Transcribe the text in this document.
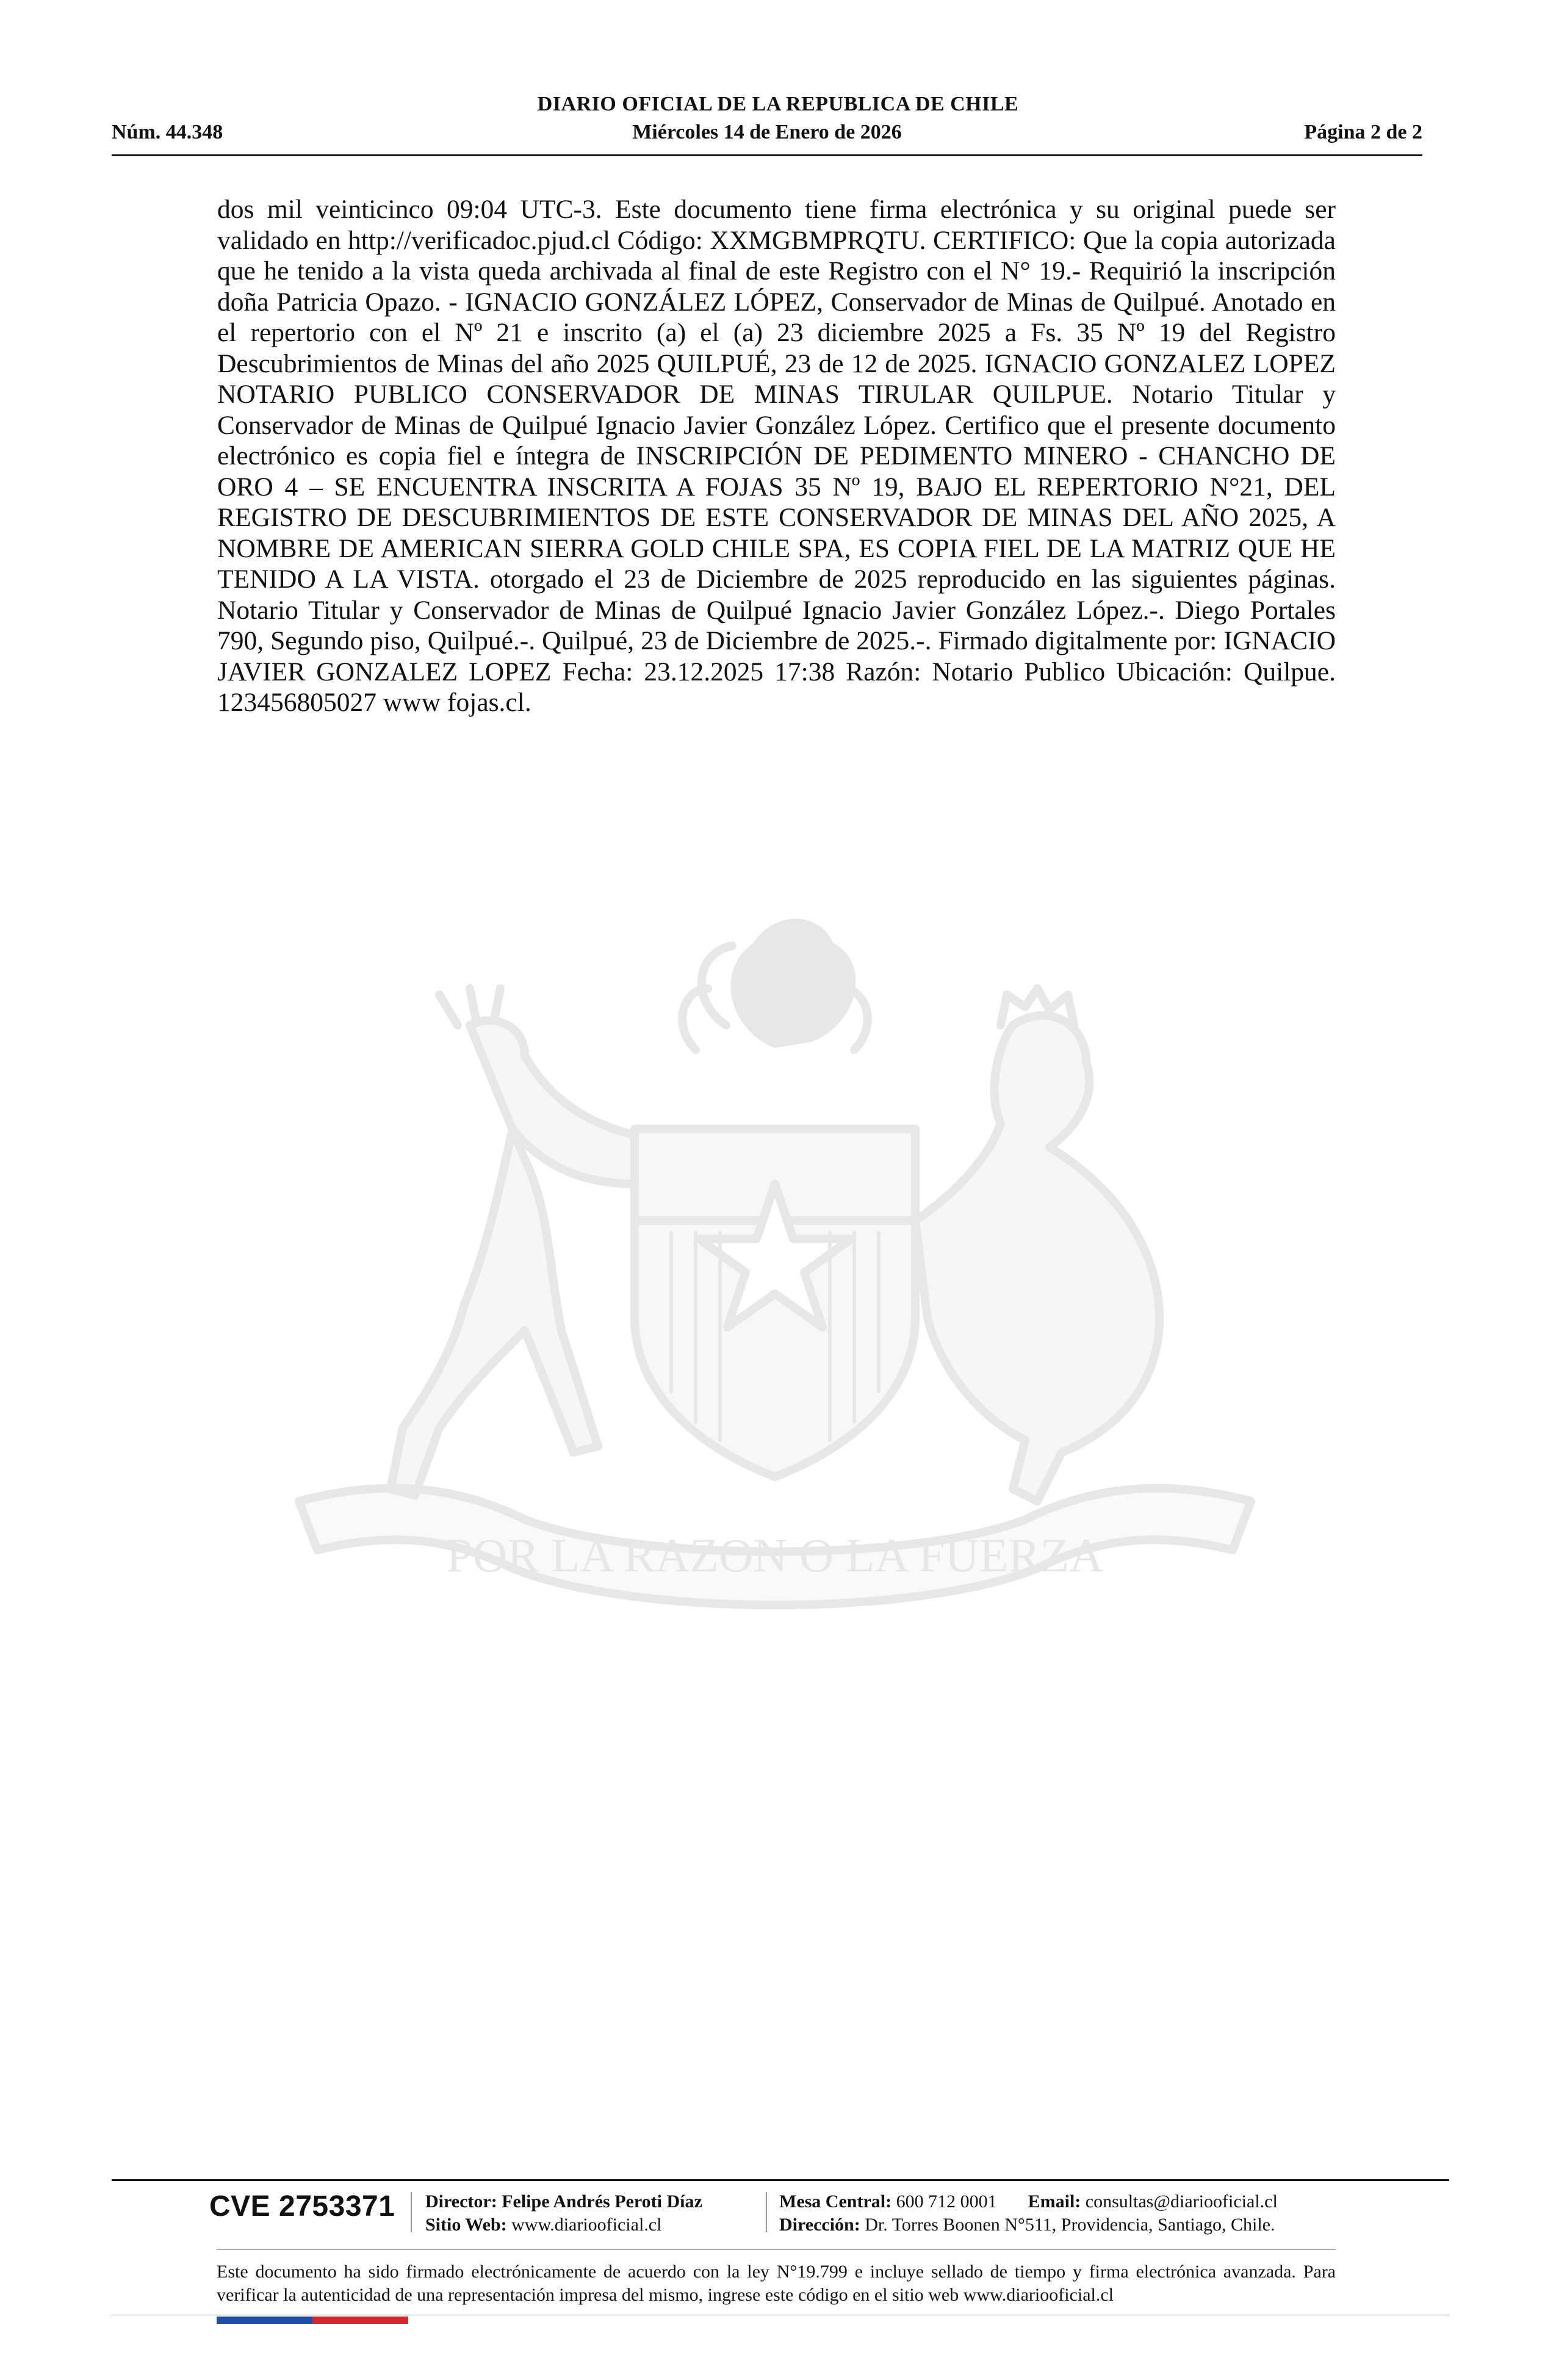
DIARIO OFICIAL DE LA REPUBLICA DE CHILE
Núm. 44.348	Miércoles 14 de Enero de 2026	Página 2 de 2
dos mil veinticinco 09:04 UTC-3. Este documento tiene firma electrónica y su original puede ser validado en http://verificadoc.pjud.cl Código: XXMGBMPRQTU. CERTIFICO: Que la copia autorizada que he tenido a la vista queda archivada al final de este Registro con el N° 19.- Requirió la inscripción doña Patricia Opazo. - IGNACIO GONZÁLEZ LÓPEZ, Conservador de Minas de Quilpué. Anotado en el repertorio con el Nº 21 e inscrito (a) el (a) 23 diciembre 2025 a Fs. 35 Nº 19 del Registro Descubrimientos de Minas del año 2025 QUILPUÉ, 23 de 12 de 2025. IGNACIO GONZALEZ LOPEZ NOTARIO PUBLICO CONSERVADOR DE MINAS TIRULAR QUILPUE. Notario Titular y Conservador de Minas de Quilpué Ignacio Javier González López. Certifico que el presente documento electrónico es copia fiel e íntegra de INSCRIPCIÓN DE PEDIMENTO MINERO - CHANCHO DE ORO 4 – SE ENCUENTRA INSCRITA A FOJAS 35 Nº 19, BAJO EL REPERTORIO N°21, DEL REGISTRO DE DESCUBRIMIENTOS DE ESTE CONSERVADOR DE MINAS DEL AÑO 2025, A NOMBRE DE AMERICAN SIERRA GOLD CHILE SPA, ES COPIA FIEL DE LA MATRIZ QUE HE TENIDO A LA VISTA. otorgado el 23 de Diciembre de 2025 reproducido en las siguientes páginas. Notario Titular y Conservador de Minas de Quilpué Ignacio Javier González López.-. Diego Portales 790, Segundo piso, Quilpué.-. Quilpué, 23 de Diciembre de 2025.-. Firmado digitalmente por: IGNACIO JAVIER GONZALEZ LOPEZ Fecha: 23.12.2025 17:38 Razón: Notario Publico Ubicación: Quilpue. 123456805027 www fojas.cl.
POR LA RAZON O LA FUERZA
CVE 2753371 Director: Felipe Andrés Peroti Díaz
Sitio Web: www.diariooficial.cl
Mesa Central: 600 712 0001 Email: consultas@diariooficial.cl
Dirección: Dr. Torres Boonen N°511, Providencia, Santiago, Chile.
Este documento ha sido firmado electrónicamente de acuerdo con la ley N°19.799 e incluye sellado de tiempo y firma electrónica avanzada. Para verificar la autenticidad de una representación impresa del mismo, ingrese este código en el sitio web www.diariooficial.cl
